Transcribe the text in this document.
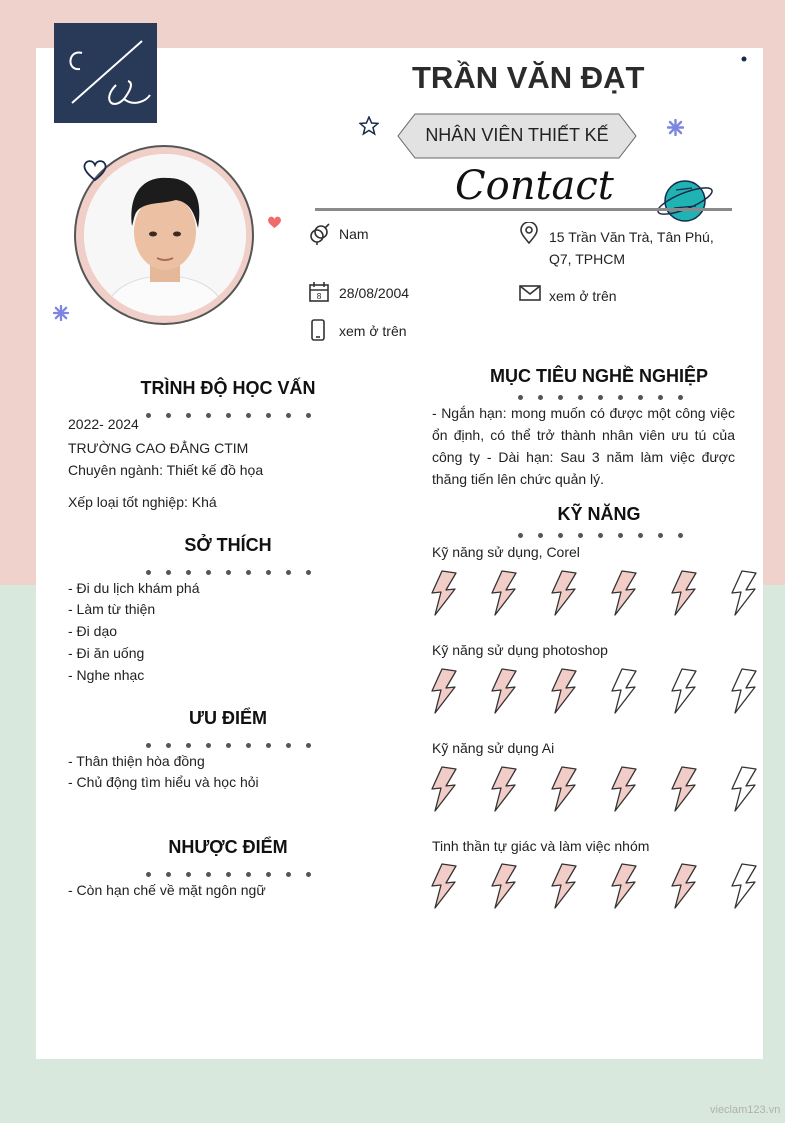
TRẦN VĂN ĐẠT
NHÂN VIÊN THIẾT KẾ
Contact
Nam
8 28/08/2004
xem ở trên
15 Trần Văn Trà, Tân Phú, Q7, TPHCM
xem ở trên
TRÌNH ĐỘ HỌC VẤN
2022- 2024
TRƯỜNG CAO ĐẲNG CTIM
Chuyên ngành: Thiết kế đồ họa
Xếp loại tốt nghiệp: Khá
SỞ THÍCH
- Đi du lịch khám phá
- Làm từ thiện
- Đi dạo
- Đi ăn uống
- Nghe nhạc
ƯU ĐIỂM
- Thân thiện hòa đồng
- Chủ động tìm hiểu và học hỏi
NHƯỢC ĐIỂM
- Còn hạn chế về mặt ngôn ngữ
MỤC TIÊU NGHỀ NGHIỆP
- Ngắn hạn: mong muốn có được một công việc ổn định, có thể trở thành nhân viên ưu tú của công ty - Dài hạn: Sau 3 năm làm việc được thăng tiến lên chức quản lý.
KỸ NĂNG
Kỹ năng sử dụng, Corel
Kỹ năng sử dụng photoshop
Kỹ năng sử dụng Ai
Tinh thần tự giác và làm việc nhóm
vieclam123.vn
